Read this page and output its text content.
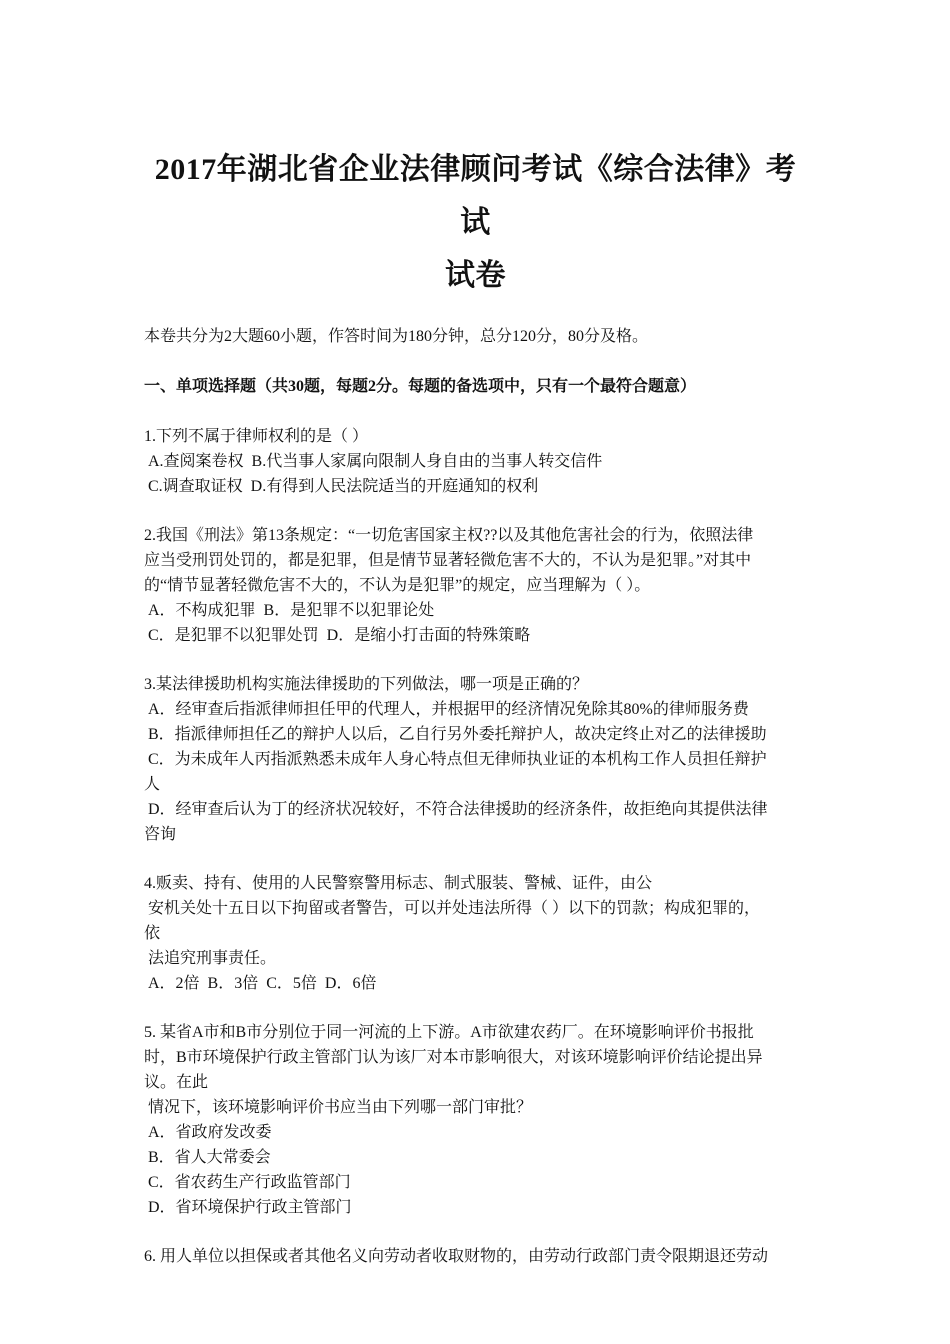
2017年湖北省企业法律顾问考试《综合法律》考试
试卷

本卷共分为2大题60小题，作答时间为180分钟，总分120分，80分及格。

一、单项选择题（共30题，每题2分。每题的备选项中，只有一个最符合题意）

1.下列不属于律师权利的是（ ）
A.查阅案卷权  B.代当事人家属向限制人身自由的当事人转交信件
C.调查取证权  D.有得到人民法院适当的开庭通知的权利
2.我国《刑法》第13条规定：“一切危害国家主权??以及其他危害社会的行为，依照法律
应当受刑罚处罚的，都是犯罪，但是情节显著轻微危害不大的，不认为是犯罪。”对其中
的“情节显著轻微危害不大的，不认为是犯罪”的规定，应当理解为（ ）。
A．不构成犯罪  B．是犯罪不以犯罪论处
C．是犯罪不以犯罪处罚  D．是缩小打击面的特殊策略
3.某法律援助机构实施法律援助的下列做法，哪一项是正确的？
A．经审查后指派律师担任甲的代理人，并根据甲的经济情况免除其80%的律师服务费
B．指派律师担任乙的辩护人以后，乙自行另外委托辩护人，故决定终止对乙的法律援助
C．为未成年人丙指派熟悉未成年人身心特点但无律师执业证的本机构工作人员担任辩护
人
D．经审查后认为丁的经济状况较好，不符合法律援助的经济条件，故拒绝向其提供法律
咨询
4.贩卖、持有、使用的人民警察警用标志、制式服装、警械、证件，由公
安机关处十五日以下拘留或者警告，可以并处违法所得（ ）以下的罚款；构成犯罪的，
依
法追究刑事责任。
A．2倍  B．3倍  C．5倍  D．6倍
5. 某省A市和B市分别位于同一河流的上下游。A市欲建农药厂。在环境影响评价书报批
时，B市环境保护行政主管部门认为该厂对本市影响很大，对该环境影响评价结论提出异
议。在此
情况下，该环境影响评价书应当由下列哪一部门审批？
A．省政府发改委
B．省人大常委会
C．省农药生产行政监管部门
D．省环境保护行政主管部门
6. 用人单位以担保或者其他名义向劳动者收取财物的，由劳动行政部门责令限期退还劳动
